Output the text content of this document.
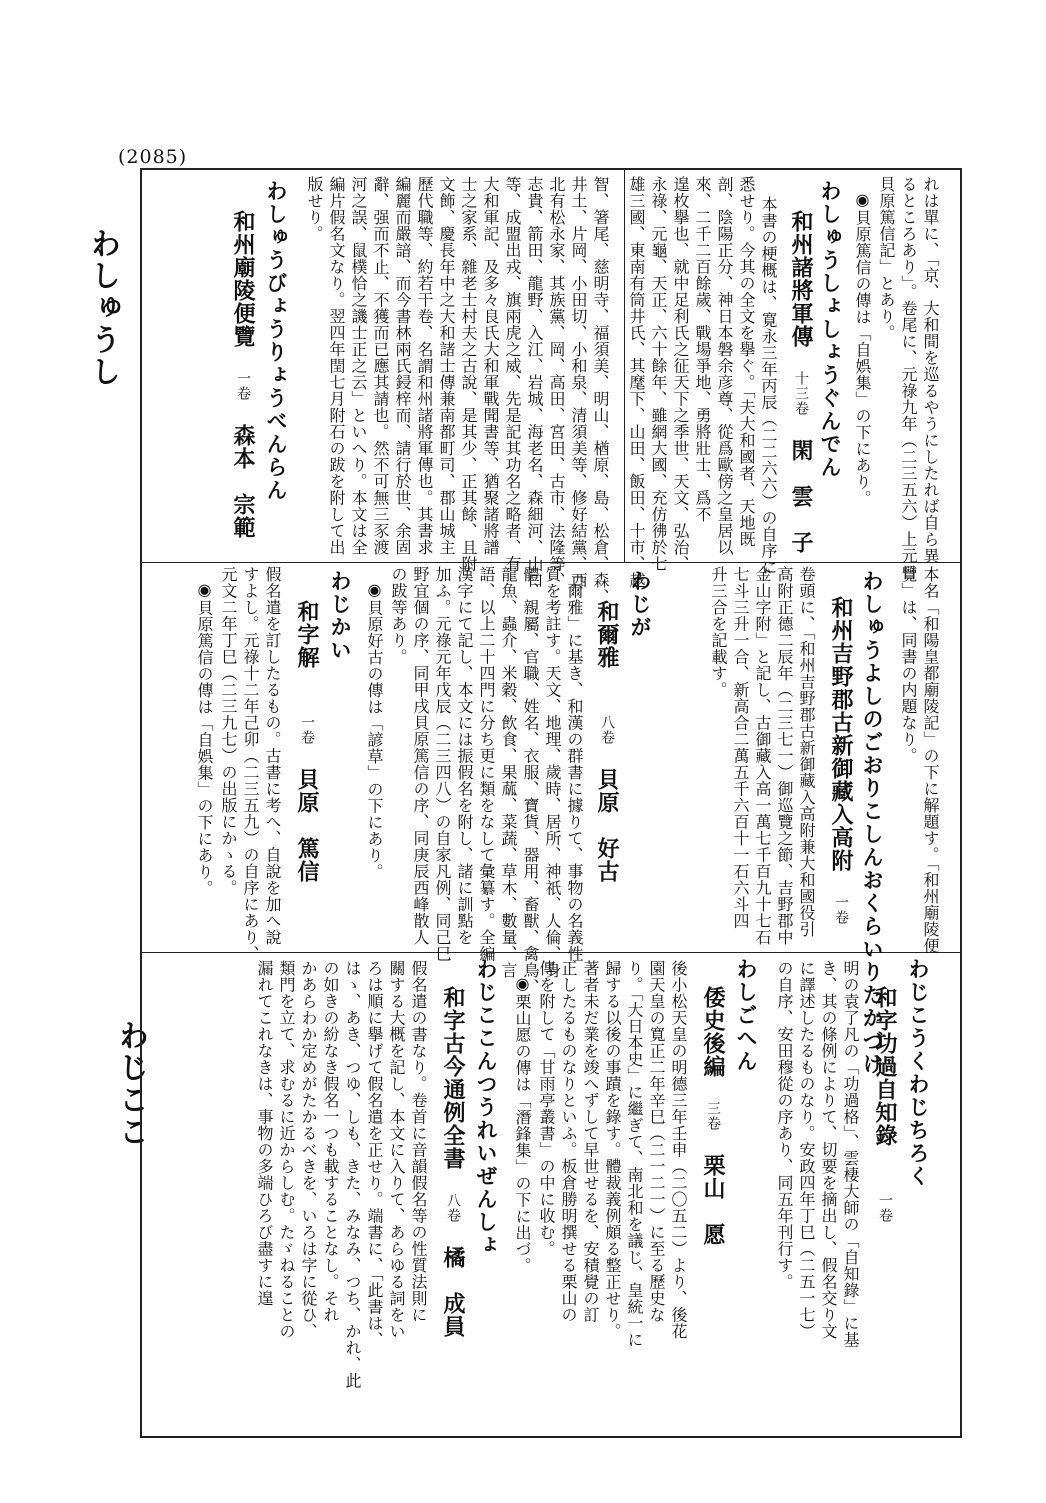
(2085)
わしゅうし
わじここ
れは單に、「京、大和間を巡るやうにしたれば自ら異
るところあり」。卷尾に、元祿九年（二三五六）上元日
貝原篤信記」とあり。
◉貝原篤信の傳は「自娯集」の下にあり。
わしゅうしょしょうぐんでん
和州諸將軍傳　十三卷　閑　雲　子
本書の梗概は、寛永三年丙辰（二二六六）の自序に
悉せり。今其の全文を擧ぐ。「夫大和國者、天地既
剖、陰陽正分、神日本磐余彦尊、從爲歐傍之皇居以
來、二千二百餘歲、戰場爭地、勇將壯士、爲不
遑枚擧也、就中足利氏之征天下之季世、天文、弘治、
永祿、元龜、天正、六十餘年、雖網大國、充仿彿於七
雄三國、東南有筒井氏、其麾下、山田、飯田、十市、越
智、箸尾、慈明寺、福須美、明山、楢原、島、松倉、森、
井土、片岡、小田切、小和泉、清須美等、修好結黨、西
北有松永家、其族黨、岡、高田、宮田、古市、法隆等、
志貴、箭田、龍野、入江、岩城、海老名、森細河、山口
等、成盟出戎、旗兩虎之威、先是記其功名之略者、有
大和軍記、及多々良氏大和軍戰聞書等、猶聚諸將譜
士之家系、雜老士村夫之古說、是其少、正其餘、且附
文飾、慶長年中之大和諸士傳兼南都町司、郡山城主
歷代職等、約若干卷、名謂和州諸將軍傳也。其書求
編麗而嚴諳、而今書林兩氏鋟梓而、請行於世、余固
辭、强而不止、不獲而已應其請也。然不可無三豕渡
河之誤、鼠樸恰之譏士正之云」といへり。本文は全
編片假名文なり。翌四年閏七月附石の跋を附して出
版せり。
わしゅうびょうりょうべんらん
和州廟陵便覽　一卷　森本　宗範
本名「和陽皇都廟陵記」の下に解題す。「和州廟陵便
覽」は、同書の内題なり。
わしゅうよしのごおりこしんおくらいりたかづけ
和州吉野郡古新御藏入高附　一卷
卷頭に、「和州吉野郡古新御藏入高附兼大和國役引
高附正德二辰年（二三七一）御巡覽之節、吉野郡中
金山字附」と記し、古御藏入高一萬七千百九十七石
七斗三升一合、新高合二萬五千六百十一石六斗四
升三合を記載す。
わじが
和爾雅　　八卷　貝原　好古
「爾雅」に基き、和漢の群書に據りて、事物の名義性
質を考註す。天文、地理、歲時、居所、神祇、人倫、身
體、親屬、官職、姓名、衣服、寶貨、器用、畜獸、禽鳥、
龍魚、蟲介、米穀、飲食、果蓏、菜蔬、草木、數量、言
語、以上二十四門に分ち更に類をなして彙纂す。全編
漢字にて記し、本文には振假名を附し、諸に訓點を
加ふ。元祿元年戊辰（二三四八）の自家凡例、同己巳
野宜個の序、同甲戌貝原篤信の序、同庚辰西峰散人
の跋等あり。
◉貝原好古の傳は「諺草」の下にあり。
わじかい
和字解　　一卷　貝原　篤信
假名遣を訂したるもの。古書に考へ、自說を加へ說
すよし。元祿十二年己卯（二三五九）の自序にあり、
元文二年丁巳（二三九七）の出版にかゝる。
◉貝原篤信の傳は「自娯集」の下にあり。
わじこうくわじちろく
和字功過自知錄　　一卷
明の袁了凡の「功過格」、雲棲大師の「自知錄」に基
き、其の條例によりて、切要を摘出し、假名交り文
に譯述したるものなり。安政四年丁巳（二五一七）
の自序、安田穆從の序あり、同五年刊行す。
わしごへん
倭史後編　三卷　栗山　愿
後小松天皇の明德三年壬申（二〇五二）より、後花
園天皇の寬正二年辛巳（二一二一）に至る歷史な
り。「大日本史」に繼ぎて、南北和を議じ、皇統一に
歸する以後の事蹟を錄す。體裁義例頗る整正せり。
著者未だ業を竣へずして早世せるを、安積覺の訂
正したるものなりといふ。板倉勝明撰せる栗山の
傳を附して「甘雨亭叢書」の中に收む。
◉栗山愿の傳は「潛鋒集」の下に出づ。
わじここんつうれいぜんしょ
和字古今通例全書　八卷　橘　成員
假名遣の書なり。卷首に音韻假名等の性質法則に
關する大概を記し、本文に入りて、あらゆる詞をい
ろは順に擧げて假名遣を正せり。端書に、「此書は、
はゝ、あき、つゆ、しも、きた、みなみ、つち、かれ、此
の如きの紛なき假名一つも載することなし。それ
かあらわか定めがたかるべきを、いろは字に從ひ、
類門を立て、求むるに近からしむ。たゞねることの
漏れてこれなきは、事物の多端ひろび盡すに遑
